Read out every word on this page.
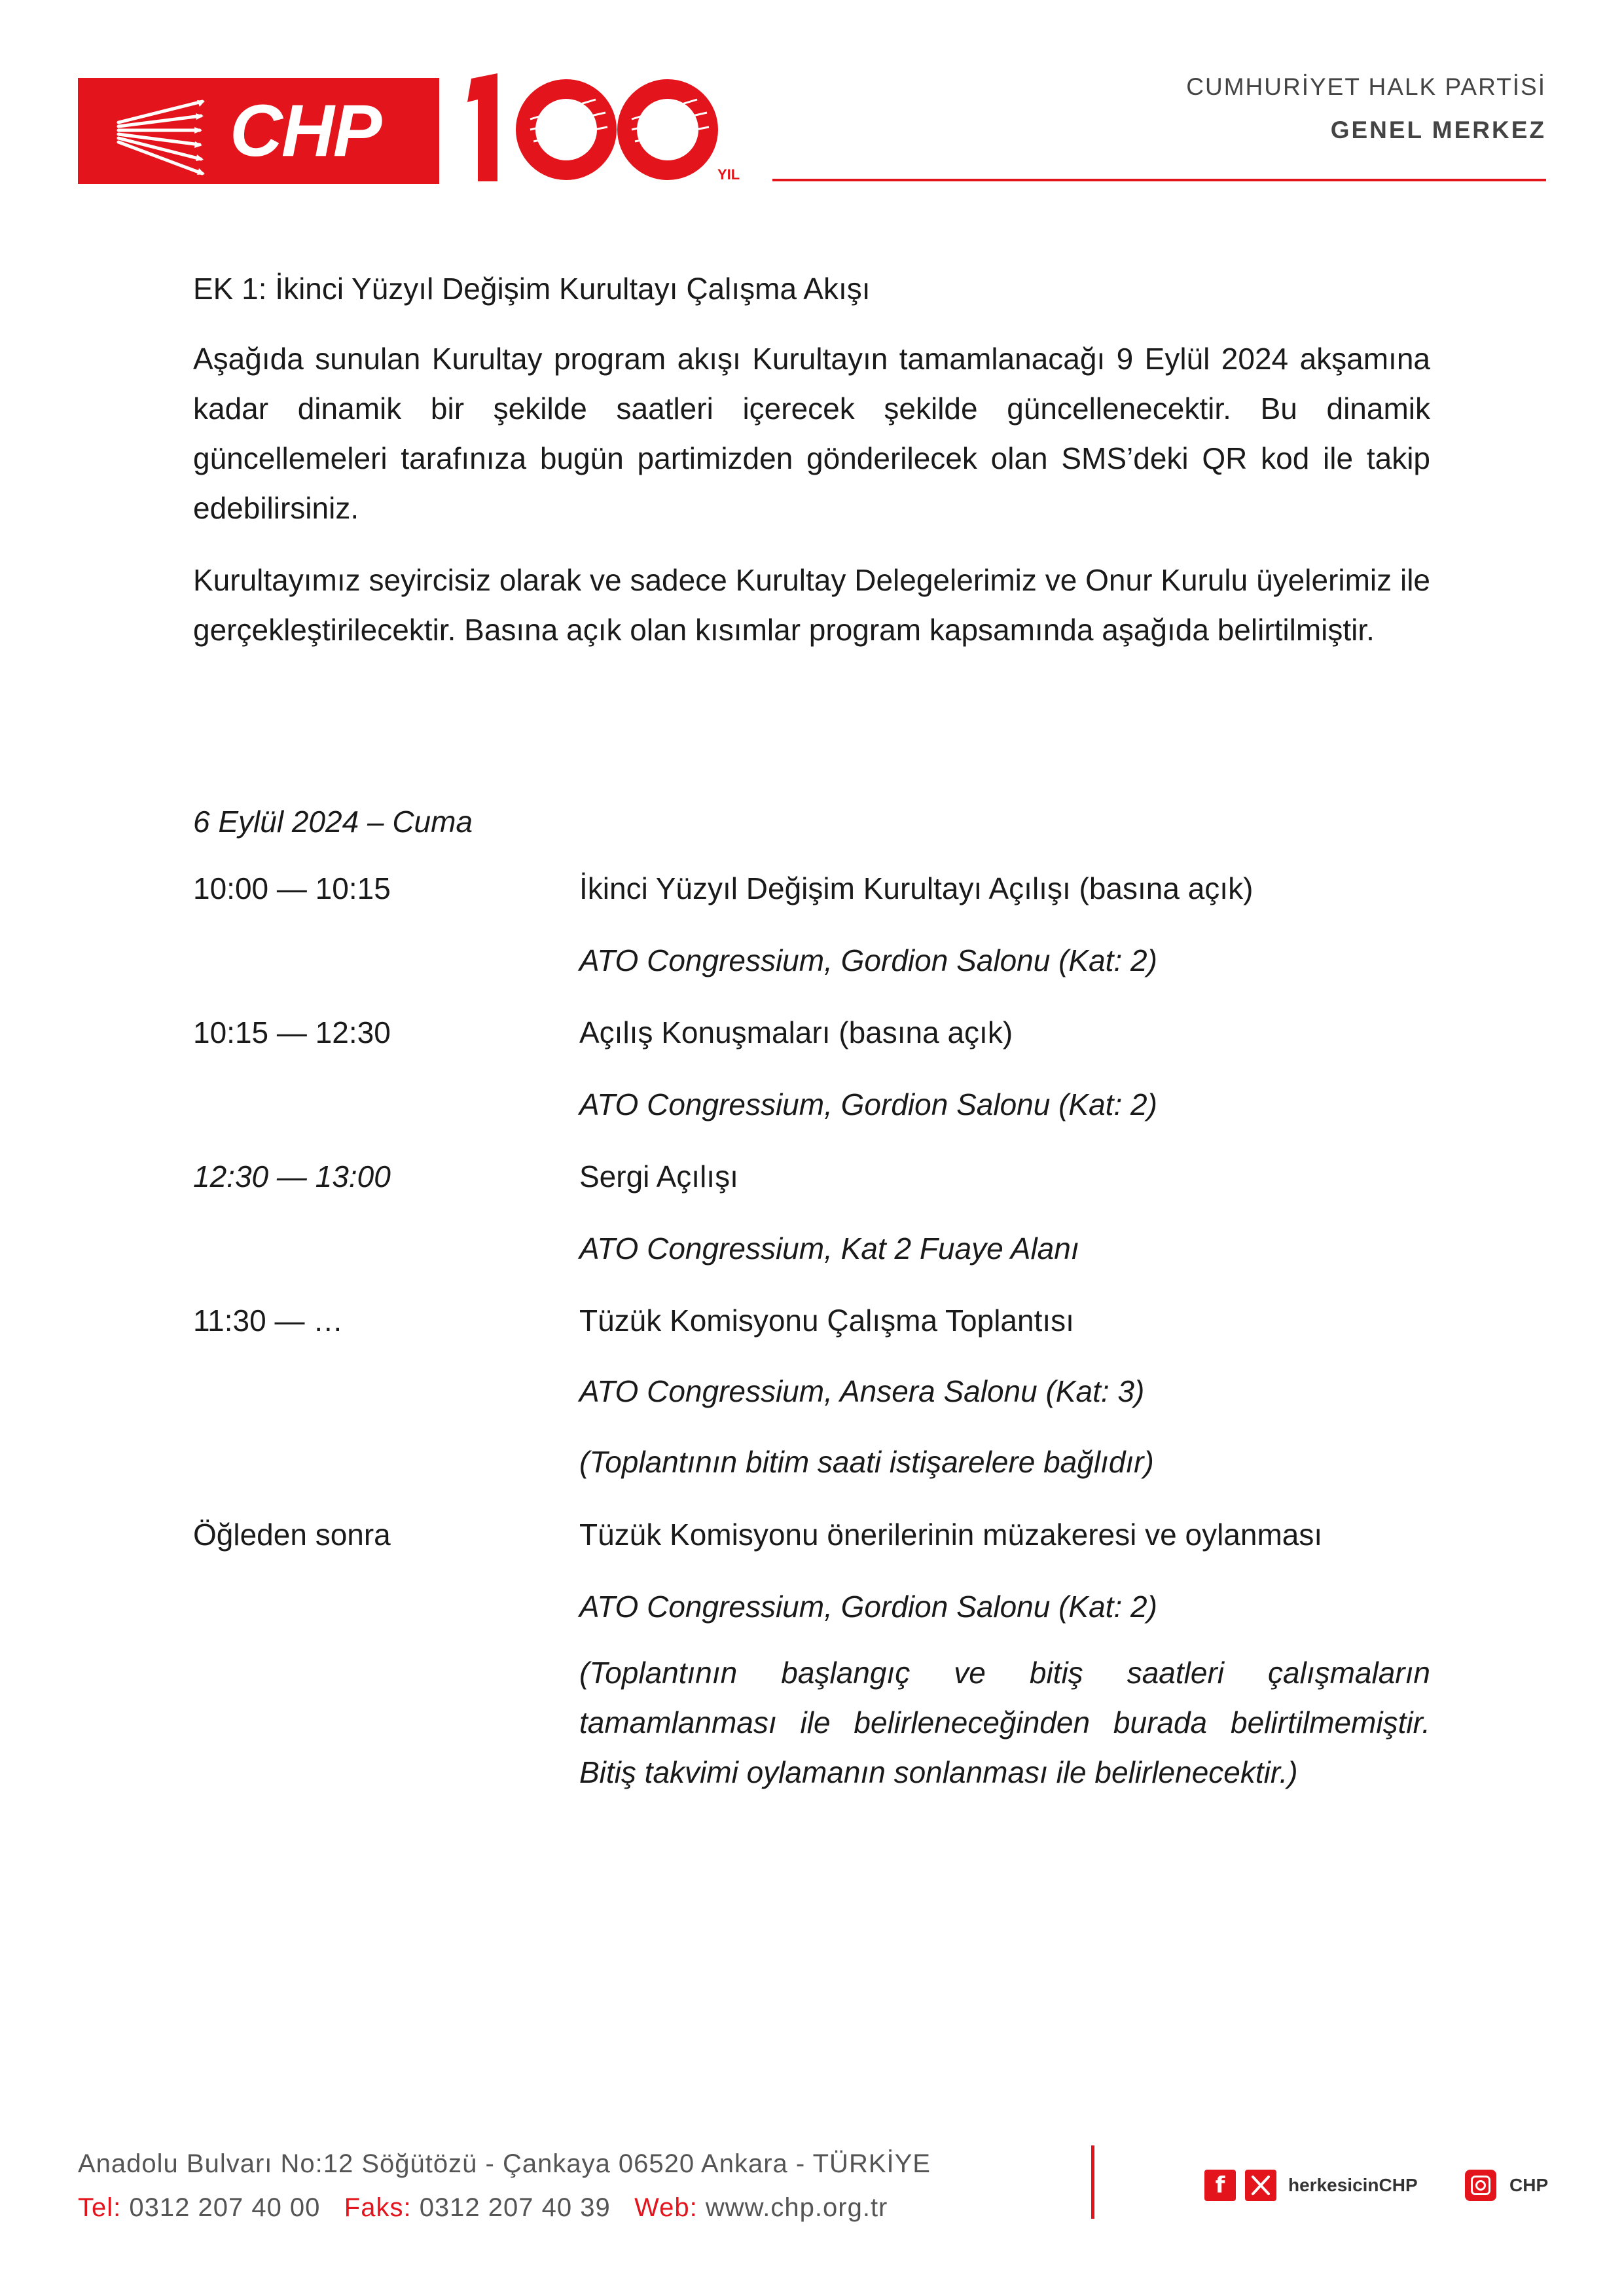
CHP
YIL
CUMHURİYET HALK PARTİSİ
GENEL MERKEZ
EK 1: İkinci Yüzyıl Değişim Kurultayı Çalışma Akışı

Aşağıda sunulan Kurultay program akışı Kurultayın tamamlanacağı 9 Eylül 2024 akşamına kadar dinamik bir şekilde saatleri içerecek şekilde güncellenecektir. Bu dinamik güncellemeleri tarafınıza bugün partimizden gönderilecek olan SMS’deki QR kod ile takip edebilirsiniz.

Kurultayımız seyircisiz olarak ve sadece Kurultay Delegelerimiz ve Onur Kurulu üyelerimiz ile gerçekleştirilecektir. Basına açık olan kısımlar program kapsamında aşağıda belirtilmiştir.

6 Eylül 2024 – Cuma
10:00 — 10:15	İkinci Yüzyıl Değişim Kurultayı Açılışı (basına açık)
ATO Congressium, Gordion Salonu (Kat: 2)
10:15 — 12:30	Açılış Konuşmaları (basına açık)
ATO Congressium, Gordion Salonu (Kat: 2)
12:30 — 13:00	Sergi Açılışı
ATO Congressium, Kat 2 Fuaye Alanı
11:30 — …	Tüzük Komisyonu Çalışma Toplantısı
ATO Congressium, Ansera Salonu (Kat: 3)
(Toplantının bitim saati istişarelere bağlıdır)
Öğleden sonra	Tüzük Komisyonu önerilerinin müzakeresi ve oylanması
ATO Congressium, Gordion Salonu (Kat: 2)

(Toplantının başlangıç ve bitiş saatleri çalışmaların tamamlanması ile belirleneceğinden burada belirtilmemiştir. Bitiş takvimi oylamanın sonlanması ile belirlenecektir.)

Anadolu Bulvarı No:12 Söğütözü - Çankaya 06520 Ankara - TÜRKİYE
Tel: 0312 207 40 00 Faks: 0312 207 40 39 Web: www.chp.org.tr
f	herkesicinCHP	CHP
